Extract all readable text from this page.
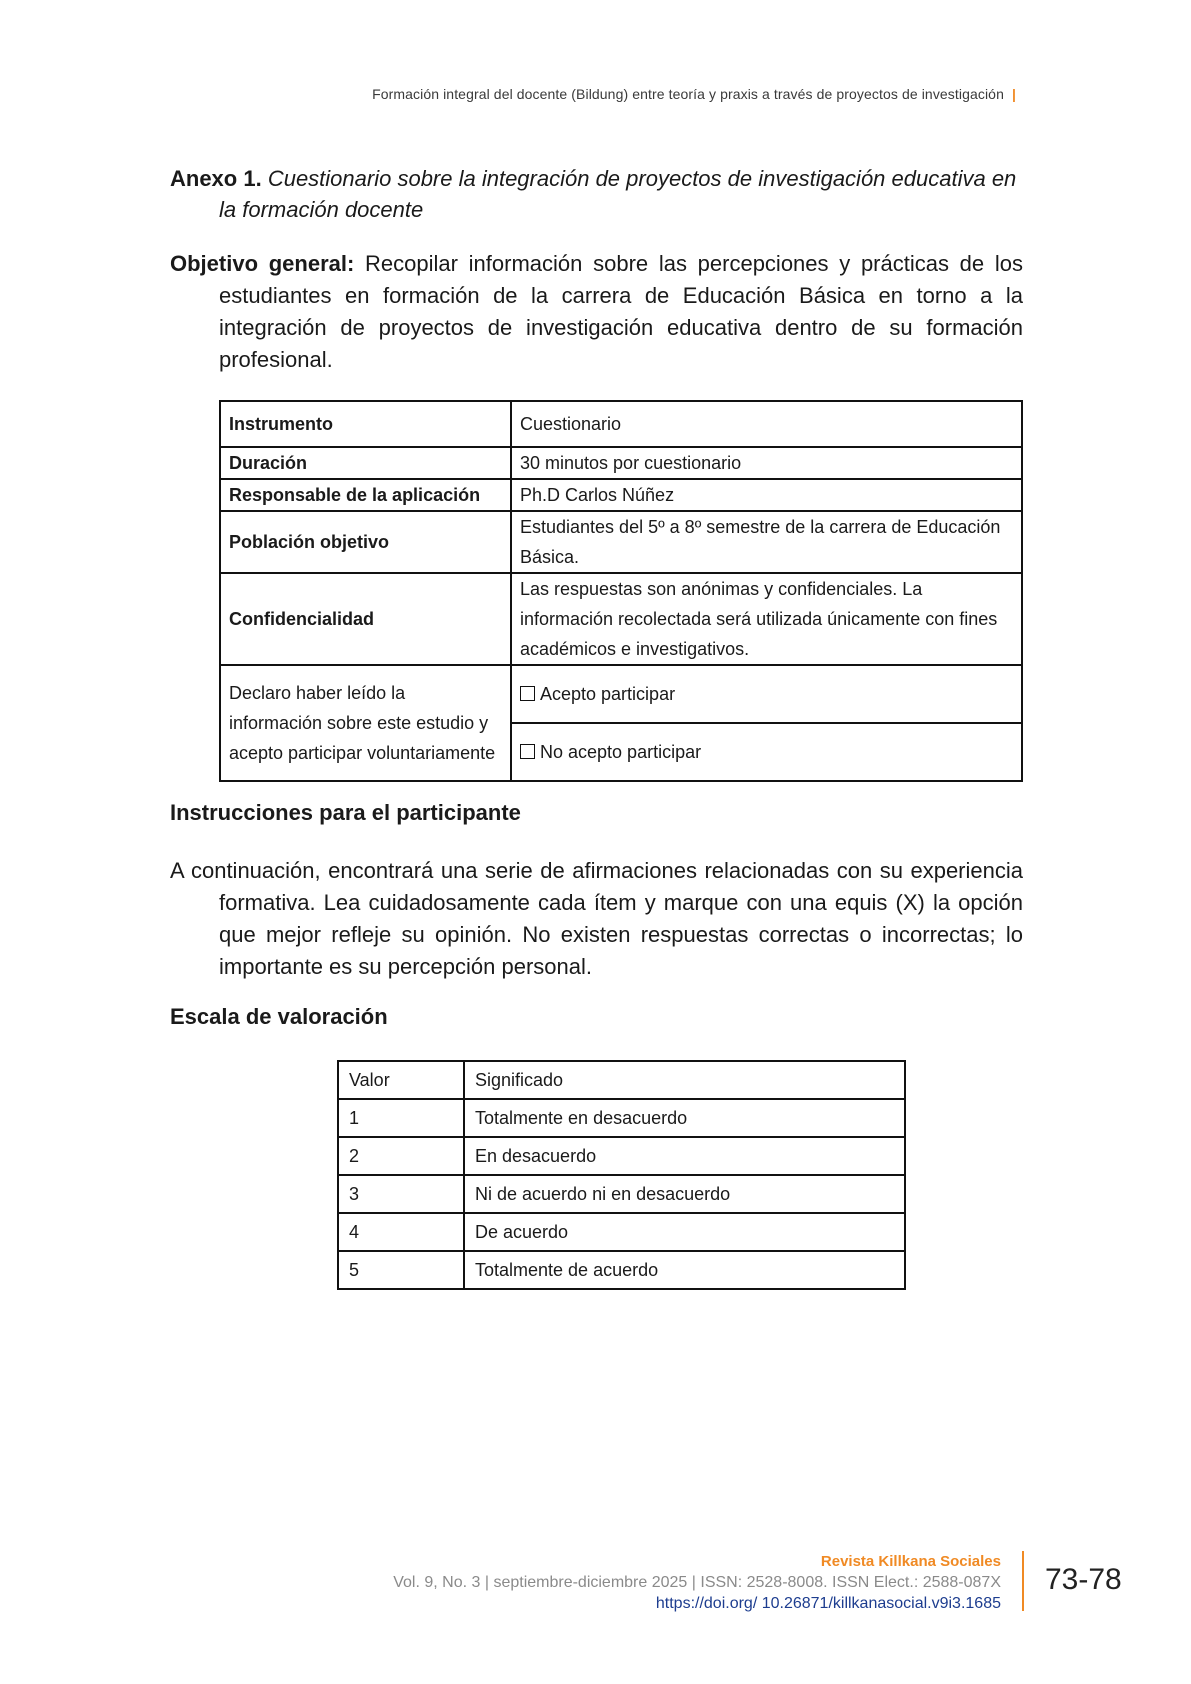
Formación integral del docente (Bildung) entre teoría y praxis a través de proyectos de investigación |

Anexo 1. Cuestionario sobre la integración de proyectos de investigación educativa en la formación docente

Objetivo general: Recopilar información sobre las percepciones y prácticas de los estudiantes en formación de la carrera de Educación Básica en torno a la integración de proyectos de investigación educativa dentro de su formación profesional.

Instrumento	Cuestionario
Duración	30 minutos por cuestionario
Responsable de la aplicación	Ph.D Carlos Núñez
Población objetivo	Estudiantes del 5º a 8º semestre de la carrera de Educación Básica.
Confidencialidad	Las respuestas son anónimas y confidenciales. La información recolectada será utilizada únicamente con fines académicos e investigativos.
Declaro haber leído la información sobre este estudio y acepto participar voluntariamente	Acepto participar
	No acepto participar
Instrucciones para el participante

A continuación, encontrará una serie de afirmaciones relacionadas con su experiencia formativa. Lea cuidadosamente cada ítem y marque con una equis (X) la opción que mejor refleje su opinión. No existen respuestas correctas o incorrectas; lo importante es su percepción personal.

Escala de valoración
Valor	Significado
1	Totalmente en desacuerdo
2	En desacuerdo
3	Ni de acuerdo ni en desacuerdo
4	De acuerdo
5	Totalmente de acuerdo
Revista Killkana Sociales
Vol. 9, No. 3 | septiembre-diciembre 2025 | ISSN: 2528-8008. ISSN Elect.: 2588-087X
https://doi.org/ 10.26871/killkanasocial.v9i3.1685
73-78
